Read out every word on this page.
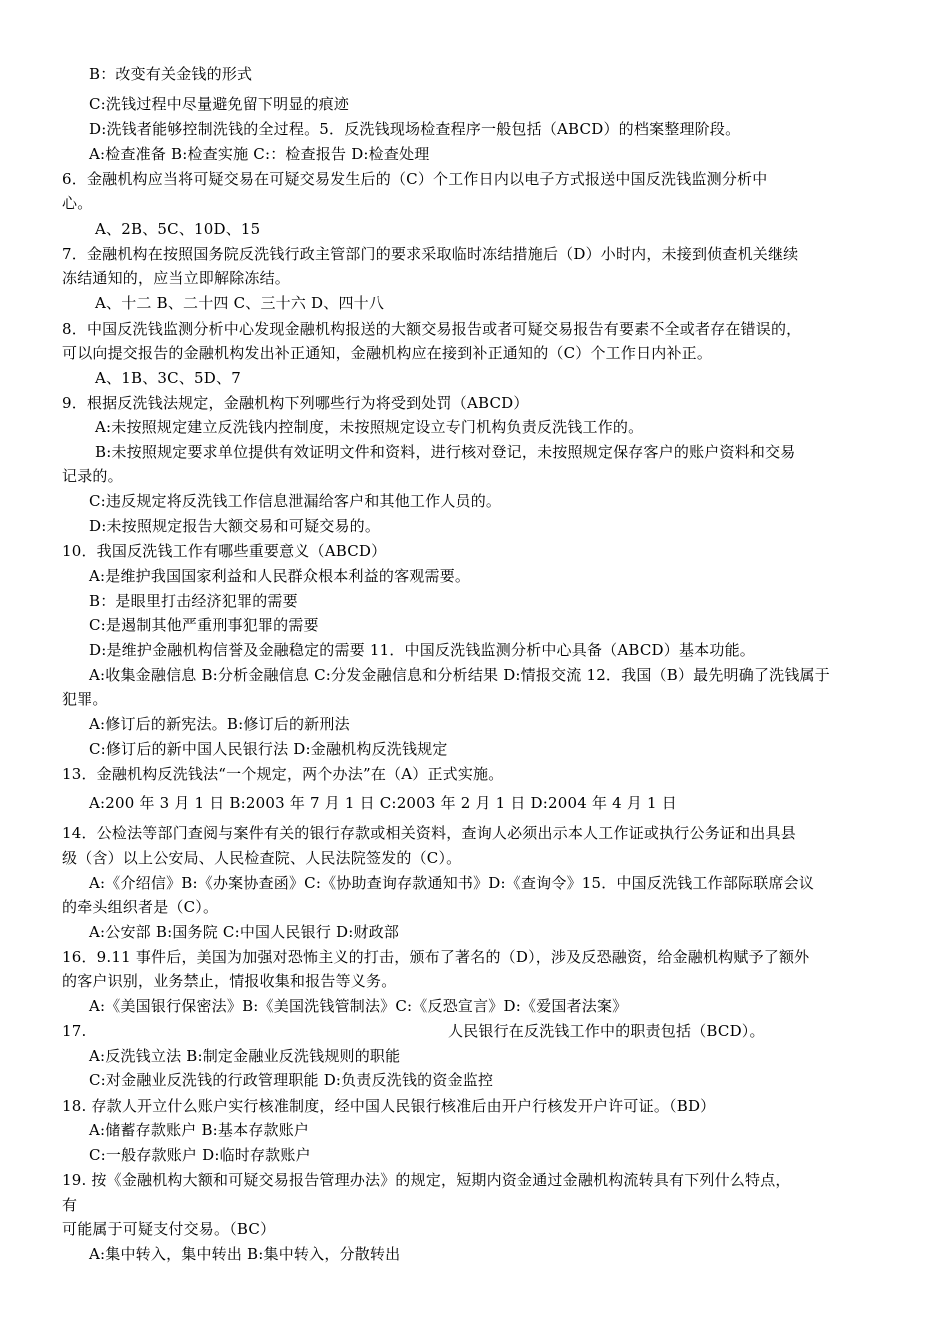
B：改变有关金钱的形式
C:洗钱过程中尽量避免留下明显的痕迹
D:洗钱者能够控制洗钱的全过程。5．反洗钱现场检查程序一般包括（ABCD）的档案整理阶段。
A:检查准备 B:检查实施 C:：检查报告 D:检查处理
6．金融机构应当将可疑交易在可疑交易发生后的（C）个工作日内以电子方式报送中国反洗钱监测分析中
心。
A、2B、5C、10D、15
7．金融机构在按照国务院反洗钱行政主管部门的要求采取临时冻结措施后（D）小时内，未接到侦查机关继续
冻结通知的，应当立即解除冻结。
A、十二 B、二十四 C、三十六 D、四十八
8．中国反洗钱监测分析中心发现金融机构报送的大额交易报告或者可疑交易报告有要素不全或者存在错误的，
可以向提交报告的金融机构发出补正通知，金融机构应在接到补正通知的（C）个工作日内补正。
A、1B、3C、5D、7
9．根据反洗钱法规定，金融机构下列哪些行为将受到处罚（ABCD）
A:未按照规定建立反洗钱内控制度，未按照规定设立专门机构负责反洗钱工作的。
B:未按照规定要求单位提供有效证明文件和资料，进行核对登记，未按照规定保存客户的账户资料和交易
记录的。
C:违反规定将反洗钱工作信息泄漏给客户和其他工作人员的。
D:未按照规定报告大额交易和可疑交易的。
10．我国反洗钱工作有哪些重要意义（ABCD）
A:是维护我国国家利益和人民群众根本利益的客观需要。
B：是眼里打击经济犯罪的需要
C:是遏制其他严重刑事犯罪的需要
D:是维护金融机构信誉及金融稳定的需要 11．中国反洗钱监测分析中心具备（ABCD）基本功能。
A:收集金融信息 B:分析金融信息 C:分发金融信息和分析结果 D:情报交流 12．我国（B）最先明确了洗钱属于
犯罪。
A:修订后的新宪法。B:修订后的新刑法
C:修订后的新中国人民银行法 D:金融机构反洗钱规定
13．金融机构反洗钱法“一个规定，两个办法”在（A）正式实施。
A:200 年 3 月 1 日 B:2003 年 7 月 1 日 C:2003 年 2 月 1 日 D:2004 年 4 月 1 日
14．公检法等部门查阅与案件有关的银行存款或相关资料，查询人必须出示本人工作证或执行公务证和出具县
级（含）以上公安局、人民检查院、人民法院签发的（C）。
A:《介绍信》B:《办案协查函》C:《协助查询存款通知书》D:《查询令》15．中国反洗钱工作部际联席会议
的牵头组织者是（C）。
A:公安部 B:国务院 C:中国人民银行 D:财政部
16．9.11 事件后，美国为加强对恐怖主义的打击，颁布了著名的（D），涉及反恐融资，给金融机构赋予了额外
的客户识别，业务禁止，情报收集和报告等义务。
A:《美国银行保密法》B:《美国洗钱管制法》C:《反恐宣言》D:《爱国者法案》
17.	人民银行在反洗钱工作中的职责包括（BCD）。
A:反洗钱立法 B:制定金融业反洗钱规则的职能
C:对金融业反洗钱的行政管理职能 D:负责反洗钱的资金监控
18. 存款人开立什么账户实行核准制度，经中国人民银行核准后由开户行核发开户许可证。（BD）
A:储蓄存款账户 B:基本存款账户
C:一般存款账户 D:临时存款账户
19. 按《金融机构大额和可疑交易报告管理办法》的规定，短期内资金通过金融机构流转具有下列什么特点，
有
可能属于可疑支付交易。（BC）
A:集中转入，集中转出 B:集中转入，分散转出
